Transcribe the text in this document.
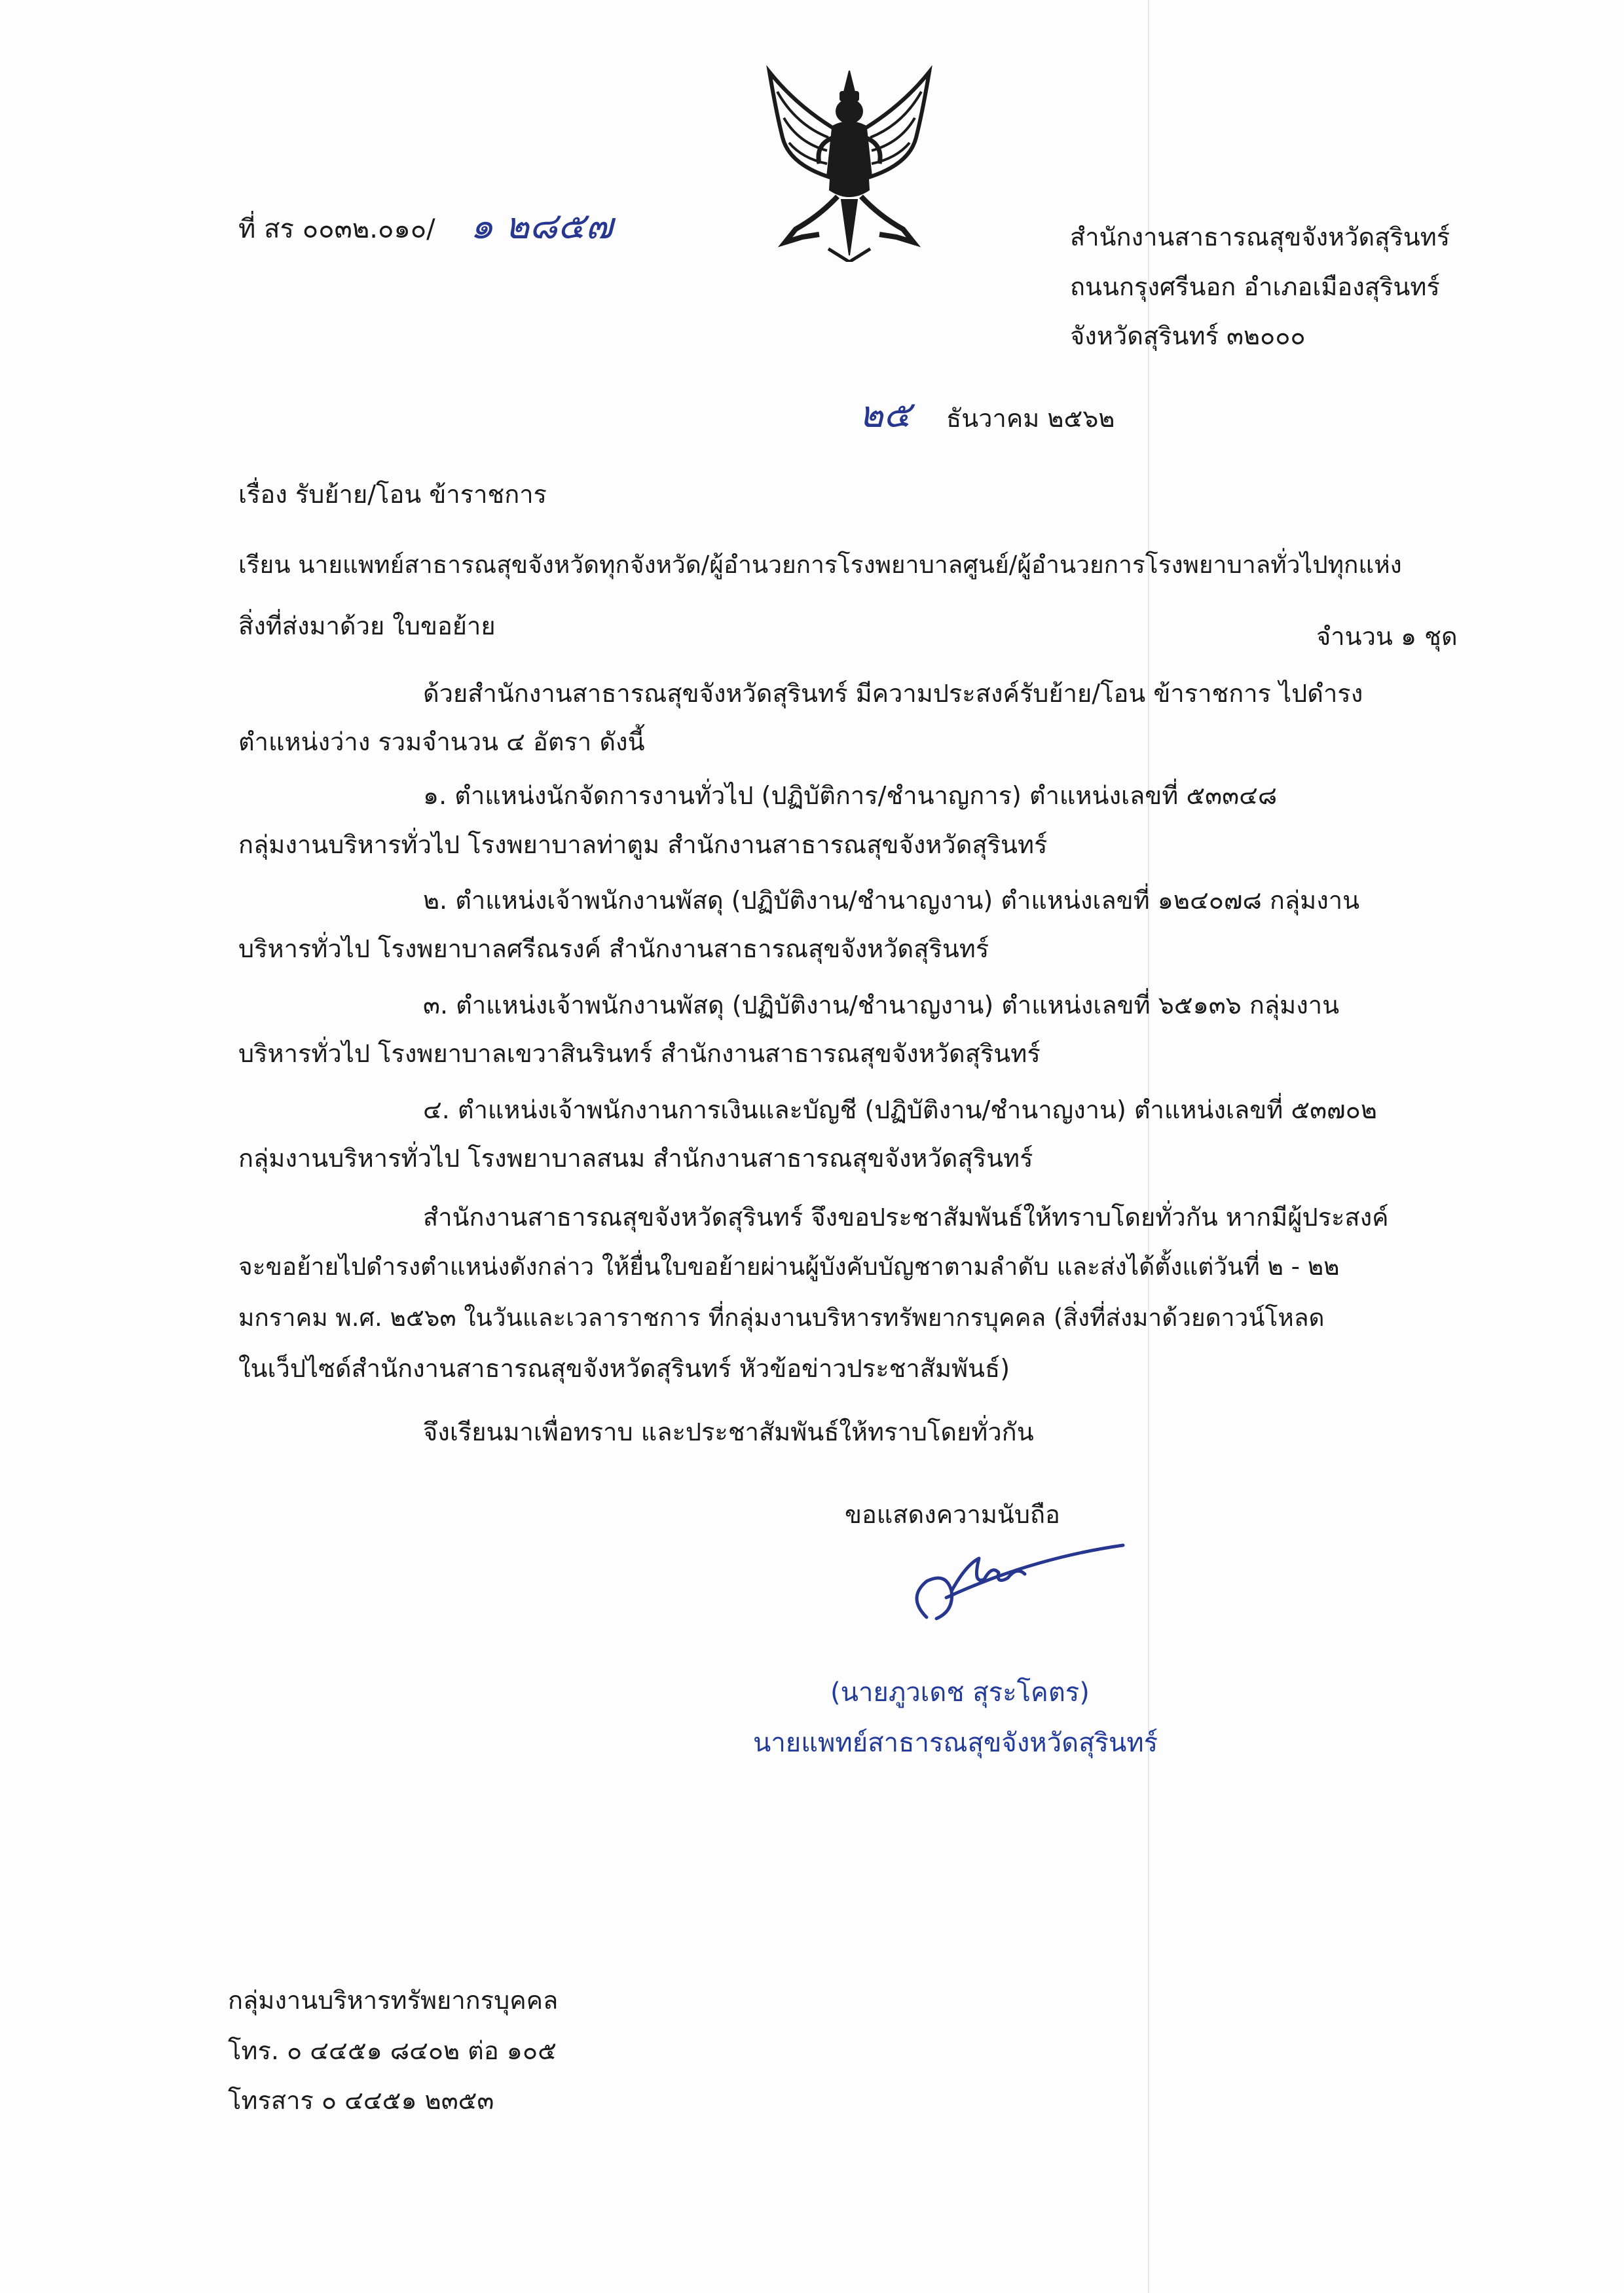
ที่ สร ๐๐๓๒.๐๑๐/ ๑ ๒๘๕๗	สำนักงานสาธารณสุขจังหวัดสุรินทร์
ถนนกรุงศรีนอก อำเภอเมืองสุรินทร์
จังหวัดสุรินทร์ ๓๒๐๐๐
๒๕ ธันวาคม ๒๕๖๒
เรื่อง รับย้าย/โอน ข้าราชการ
เรียน นายแพทย์สาธารณสุขจังหวัดทุกจังหวัด/ผู้อำนวยการโรงพยาบาลศูนย์/ผู้อำนวยการโรงพยาบาลทั่วไปทุกแห่ง
สิ่งที่ส่งมาด้วย ใบขอย้าย	จำนวน ๑ ชุด
ด้วยสำนักงานสาธารณสุขจังหวัดสุรินทร์ มีความประสงค์รับย้าย/โอน ข้าราชการ ไปดำรง
ตำแหน่งว่าง รวมจำนวน ๔ อัตรา ดังนี้
๑. ตำแหน่งนักจัดการงานทั่วไป (ปฏิบัติการ/ชำนาญการ) ตำแหน่งเลขที่ ๕๓๓๔๘
กลุ่มงานบริหารทั่วไป โรงพยาบาลท่าตูม สำนักงานสาธารณสุขจังหวัดสุรินทร์
๒. ตำแหน่งเจ้าพนักงานพัสดุ (ปฏิบัติงาน/ชำนาญงาน) ตำแหน่งเลขที่ ๑๒๔๐๗๘ กลุ่มงาน
บริหารทั่วไป โรงพยาบาลศรีณรงค์ สำนักงานสาธารณสุขจังหวัดสุรินทร์
๓. ตำแหน่งเจ้าพนักงานพัสดุ (ปฏิบัติงาน/ชำนาญงาน) ตำแหน่งเลขที่ ๖๕๑๓๖ กลุ่มงาน
บริหารทั่วไป โรงพยาบาลเขวาสินรินทร์ สำนักงานสาธารณสุขจังหวัดสุรินทร์
๔. ตำแหน่งเจ้าพนักงานการเงินและบัญชี (ปฏิบัติงาน/ชำนาญงาน) ตำแหน่งเลขที่ ๕๓๗๐๒
กลุ่มงานบริหารทั่วไป โรงพยาบาลสนม สำนักงานสาธารณสุขจังหวัดสุรินทร์
สำนักงานสาธารณสุขจังหวัดสุรินทร์ จึงขอประชาสัมพันธ์ให้ทราบโดยทั่วกัน หากมีผู้ประสงค์
จะขอย้ายไปดำรงตำแหน่งดังกล่าว ให้ยื่นใบขอย้ายผ่านผู้บังคับบัญชาตามลำดับ และส่งได้ตั้งแต่วันที่ ๒ - ๒๒
มกราคม พ.ศ. ๒๕๖๓ ในวันและเวลาราชการ ที่กลุ่มงานบริหารทรัพยากรบุคคล (สิ่งที่ส่งมาด้วยดาวน์โหลด
ในเว็ปไซด์สำนักงานสาธารณสุขจังหวัดสุรินทร์ หัวข้อข่าวประชาสัมพันธ์)
จึงเรียนมาเพื่อทราบ และประชาสัมพันธ์ให้ทราบโดยทั่วกัน
ขอแสดงความนับถือ
(นายภูวเดช สุระโคตร)
นายแพทย์สาธารณสุขจังหวัดสุรินทร์
กลุ่มงานบริหารทรัพยากรบุคคล
โทร. ๐ ๔๔๕๑ ๘๔๐๒ ต่อ ๑๐๕
โทรสาร ๐ ๔๔๕๑ ๒๓๕๓
